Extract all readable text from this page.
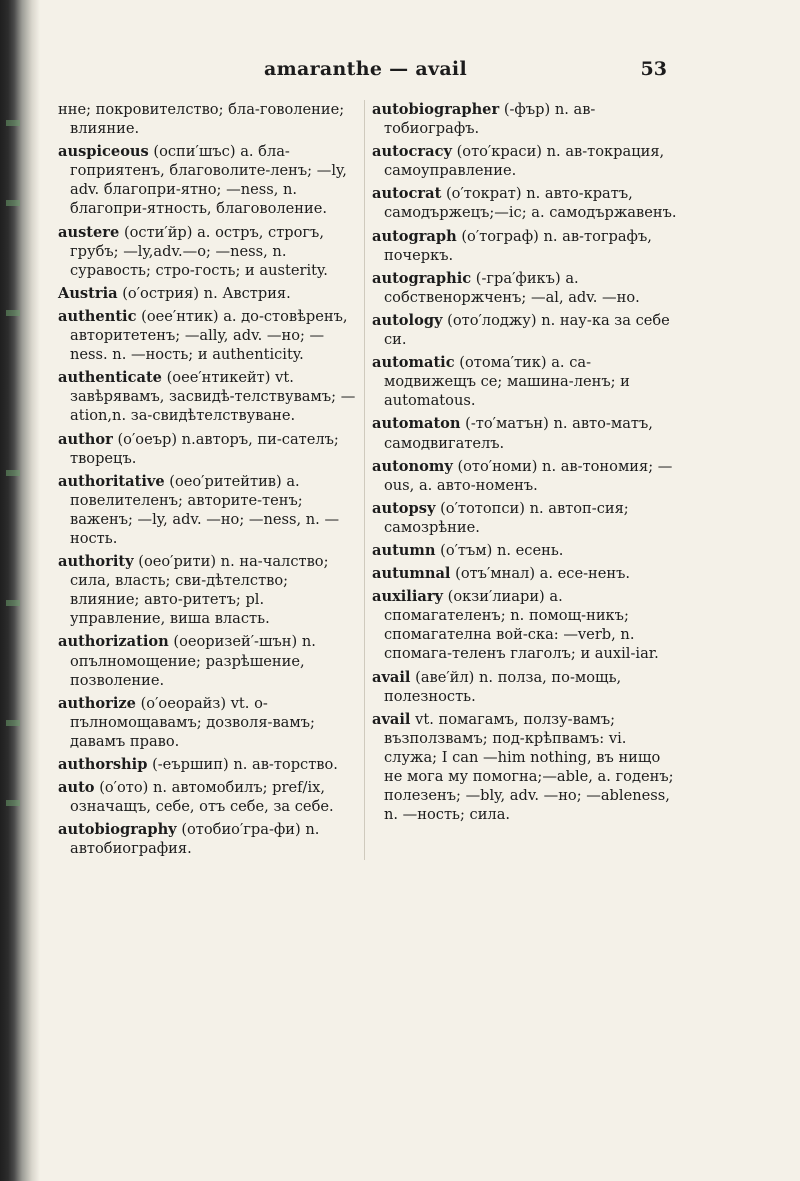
amaranthe — avail	53
нне; покровителство; бла-говоление; влияние.
auspicеous (оспи′шъс) a. бла-гоприятенъ, благоволите-ленъ; —ly, adv. благопри-ятно; —ness, n. благопри-ятность, благоволение.
austere (ости′йр) a. остръ, строгъ, грубъ; —ly,adv.—о; —ness, n. суравость; стро-гость; и austerity.
Austria (о′острия) n. Австрия.
authentic (оее′нтик) a. до-стовѣренъ, авторитетенъ; —ally, adv. —но; —ness. n. —ность; и authenticity.
authenticate (оее′нтикейт) vt. завѣрявамъ, засвидѣ-телствувамъ; —ation,n. за-свидѣтелствуване.
author (о′оеър) n.авторъ, пи-сателъ; творецъ.
authoritative (оео′ритейтив) a. повелителенъ; авторите-тенъ; важенъ; —ly, adv. —но; —ness, n. —ность.
authority (оео′рити) n. на-чалство; сила, власть; сви-дѣтелство; влияние; авто-ритетъ; pl. управление, вишa власть.
authorization (оеоризей′-шън) n. опълномощение; разрѣшение, позволение.
authorize (о′оеорайз) vt. о-пълномощавамъ; дозволя-вамъ; давамъ право.
authorship (-еършип) n. ав-торство.
auto (о′ото) n. автомобилъ; pref/ix, означащъ, себе, отъ себе, за себе.
autobiography (отобио′гра-фи) n. автобиография.
autobiographer (-фър) n. ав-тобиографъ.
autocracy (ото′краси) n. ав-токрация, самоуправление.
autocrat (о′тократ) n. авто-кратъ, самодържецъ;—ic; a. самодържавенъ.
autograph (о′тограф) n. ав-тографъ, почеркъ.
autographic (-гра′фикъ) a. собственоржченъ; —al, adv. —но.
autology (ото′лоджу) n. нау-ка за себе си.
automatic (отома′тик) a. са-модвижещъ се; машина-ленъ; и automatous.
automaton (-то′матън) n. авто-матъ, самодвигателъ.
autonomy (ото′номи) n. ав-тономия; —ous, a. авто-номенъ.
autopsy (о′тотопси) n. автоп-сия; самозрѣние.
autumn (о′тъм) n. есень.
autumnal (отъ′мнал) a. есе-ненъ.
auxiliary (окзи′лиари) a. спомагателенъ; n. помощ-никъ; спомагателна вой-ска: —verb, n. спомага-теленъ глаголъ; и auxil-iar.
avail (аве′йл) n. полза, по-мощь, полезность.
avail vt. помагамъ, ползу-вамъ; възползвамъ; под-крѣпвамъ: vi. служа; I can —him nothing, въ нищо не мога му помогна;—able, a. годенъ; полезенъ; —bly, adv. —но; —ableness, n. —ность; сила.
